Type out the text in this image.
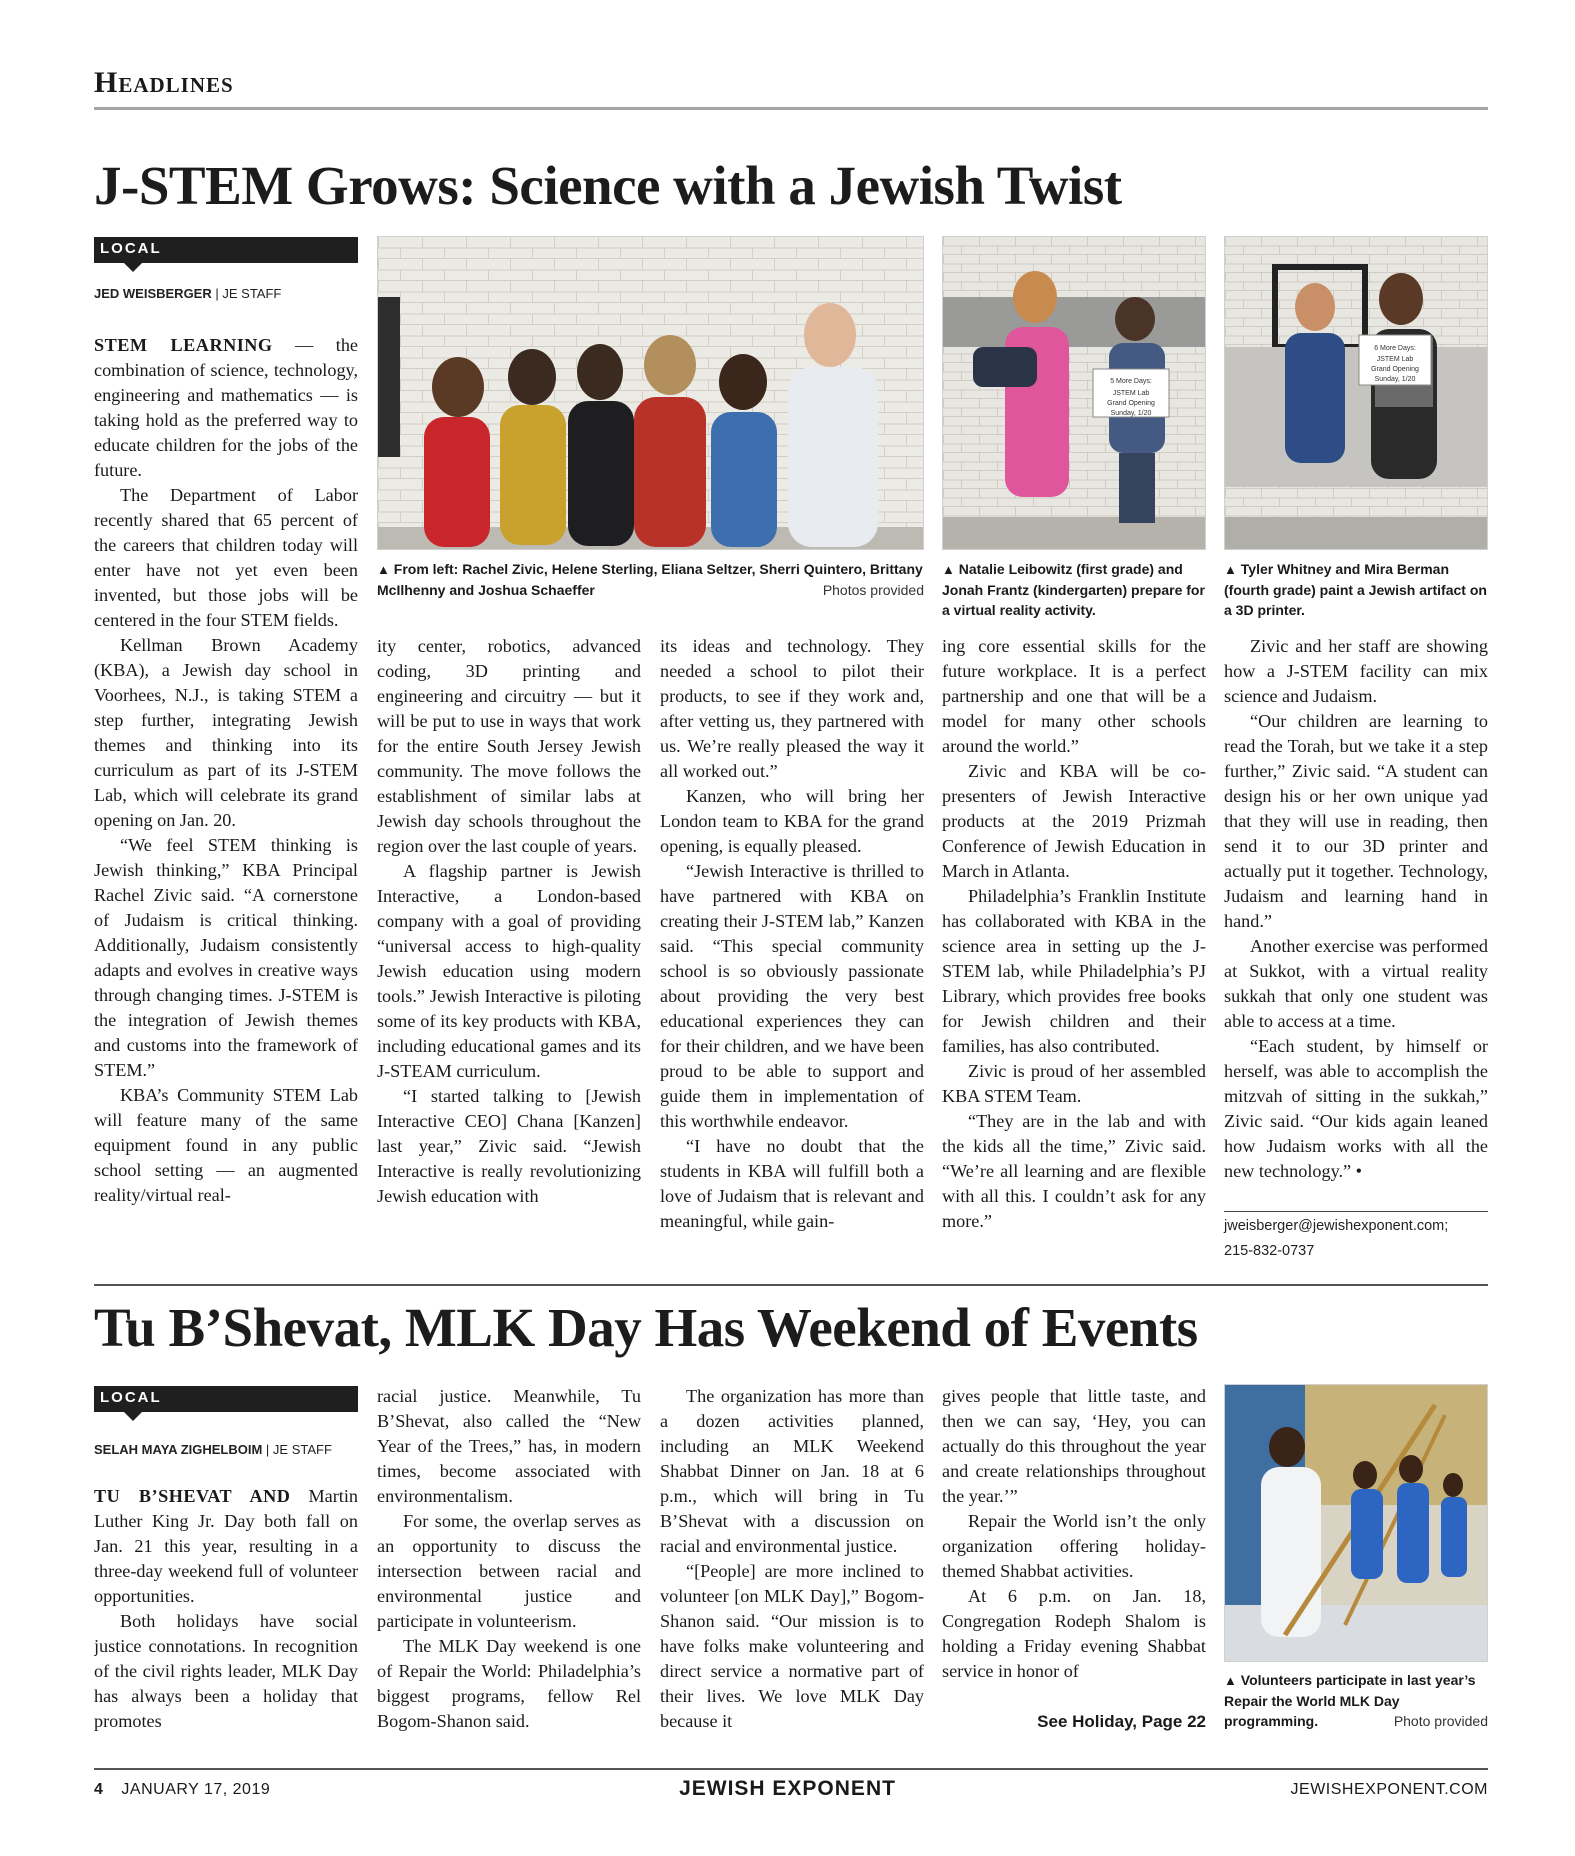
Headlines
J-STEM Grows: Science with a Jewish Twist
LOCAL
JED WEISBERGER | JE STAFF

STEM LEARNING — the combination of science, technology, engineering and mathematics — is taking hold as the preferred way to educate children for the jobs of the future.

The Department of Labor recently shared that 65 percent of the careers that children today will enter have not yet even been invented, but those jobs will be centered in the four STEM fields.

Kellman Brown Academy (KBA), a Jewish day school in Voorhees, N.J., is taking STEM a step further, integrating Jewish themes and thinking into its curriculum as part of its J-STEM Lab, which will celebrate its grand opening on Jan. 20.

“We feel STEM thinking is Jewish thinking,” KBA Principal Rachel Zivic said. “A cornerstone of Judaism is critical thinking. Additionally, Judaism consistently adapts and evolves in creative ways through changing times. J-STEM is the integration of Jewish themes and customs into the framework of STEM.”

KBA’s Community STEM Lab will feature many of the same equipment found in any public school setting — an augmented reality/virtual real-

▲ From left: Rachel Zivic, Helene Sterling, Eliana Seltzer, Sherri Quintero, Brittany McIlhenny and Joshua Schaeffer	Photos provided
5 More Days:
JSTEM Lab
Grand Opening
Sunday, 1/20
▲ Natalie Leibowitz (first grade) and Jonah Frantz (kindergarten) prepare for a virtual reality activity.
6 More Days:
JSTEM Lab
Grand Opening
Sunday, 1/20
▲ Tyler Whitney and Mira Berman (fourth grade) paint a Jewish artifact on a 3D printer.

ity center, robotics, advanced coding, 3D printing and engineering and circuitry — but it will be put to use in ways that work for the entire South Jersey Jewish community. The move follows the establishment of similar labs at Jewish day schools throughout the region over the last couple of years.

A flagship partner is Jewish Interactive, a London-based company with a goal of providing “universal access to high-quality Jewish education using modern tools.” Jewish Interactive is piloting some of its key products with KBA, including educational games and its J-STEAM curriculum.

“I started talking to [Jewish Interactive CEO] Chana [Kanzen] last year,” Zivic said. “Jewish Interactive is really revolutionizing Jewish education with

its ideas and technology. They needed a school to pilot their products, to see if they work and, after vetting us, they partnered with us. We’re really pleased the way it all worked out.”

Kanzen, who will bring her London team to KBA for the grand opening, is equally pleased.

“Jewish Interactive is thrilled to have partnered with KBA on creating their J-STEM lab,” Kanzen said. “This special community school is so obviously passionate about providing the very best educational experiences they can for their children, and we have been proud to be able to support and guide them in implementation of this worthwhile endeavor.

“I have no doubt that the students in KBA will fulfill both a love of Judaism that is relevant and meaningful, while gain-

ing core essential skills for the future workplace. It is a perfect partnership and one that will be a model for many other schools around the world.”

Zivic and KBA will be co-presenters of Jewish Interactive products at the 2019 Prizmah Conference of Jewish Education in March in Atlanta.

Philadelphia’s Franklin Institute has collaborated with KBA in the science area in setting up the J-STEM lab, while Philadelphia’s PJ Library, which provides free books for Jewish children and their families, has also contributed.

Zivic is proud of her assembled KBA STEM Team.

“They are in the lab and with the kids all the time,” Zivic said. “We’re all learning and are flexible with all this. I couldn’t ask for any more.”

Zivic and her staff are showing how a J-STEM facility can mix science and Judaism.

“Our children are learning to read the Torah, but we take it a step further,” Zivic said. “A student can design his or her own unique yad that they will use in reading, then send it to our 3D printer and actually put it together. Technology, Judaism and learning hand in hand.”

Another exercise was performed at Sukkot, with a virtual reality sukkah that only one student was able to access at a time.

“Each student, by himself or herself, was able to accomplish the mitzvah of sitting in the sukkah,” Zivic said. “Our kids again leaned how Judaism works with all the new technology.” •

jweisberger@jewishexponent.com;
215-832-0737
Tu B’Shevat, MLK Day Has Weekend of Events
LOCAL
SELAH MAYA ZIGHELBOIM | JE STAFF

TU B’SHEVAT AND Martin Luther King Jr. Day both fall on Jan. 21 this year, resulting in a three-day weekend full of volunteer opportunities.

Both holidays have social justice connotations. In recognition of the civil rights leader, MLK Day has always been a holiday that promotes

racial justice. Meanwhile, Tu B’Shevat, also called the “New Year of the Trees,” has, in modern times, become associated with environmentalism.

For some, the overlap serves as an opportunity to discuss the intersection between racial and environmental justice and participate in volunteerism.

The MLK Day weekend is one of Repair the World: Philadelphia’s biggest programs, fellow Rel Bogom-Shanon said.

The organization has more than a dozen activities planned, including an MLK Weekend Shabbat Dinner on Jan. 18 at 6 p.m., which will bring in Tu B’Shevat with a discussion on racial and environmental justice.

“[People] are more inclined to volunteer [on MLK Day],” Bogom-Shanon said. “Our mission is to have folks make volunteering and direct service a normative part of their lives. We love MLK Day because it

gives people that little taste, and then we can say, ‘Hey, you can actually do this throughout the year and create relationships throughout the year.’”

Repair the World isn’t the only organization offering holiday-themed Shabbat activities.

At 6 p.m. on Jan. 18, Congregation Rodeph Shalom is holding a Friday evening Shabbat service in honor of

See Holiday, Page 22
▲ Volunteers participate in last year’s Repair the World MLK Day programming.	Photo provided
4 JANUARY 17, 2019	JEWISH EXPONENT	JEWISHEXPONENT.COM
